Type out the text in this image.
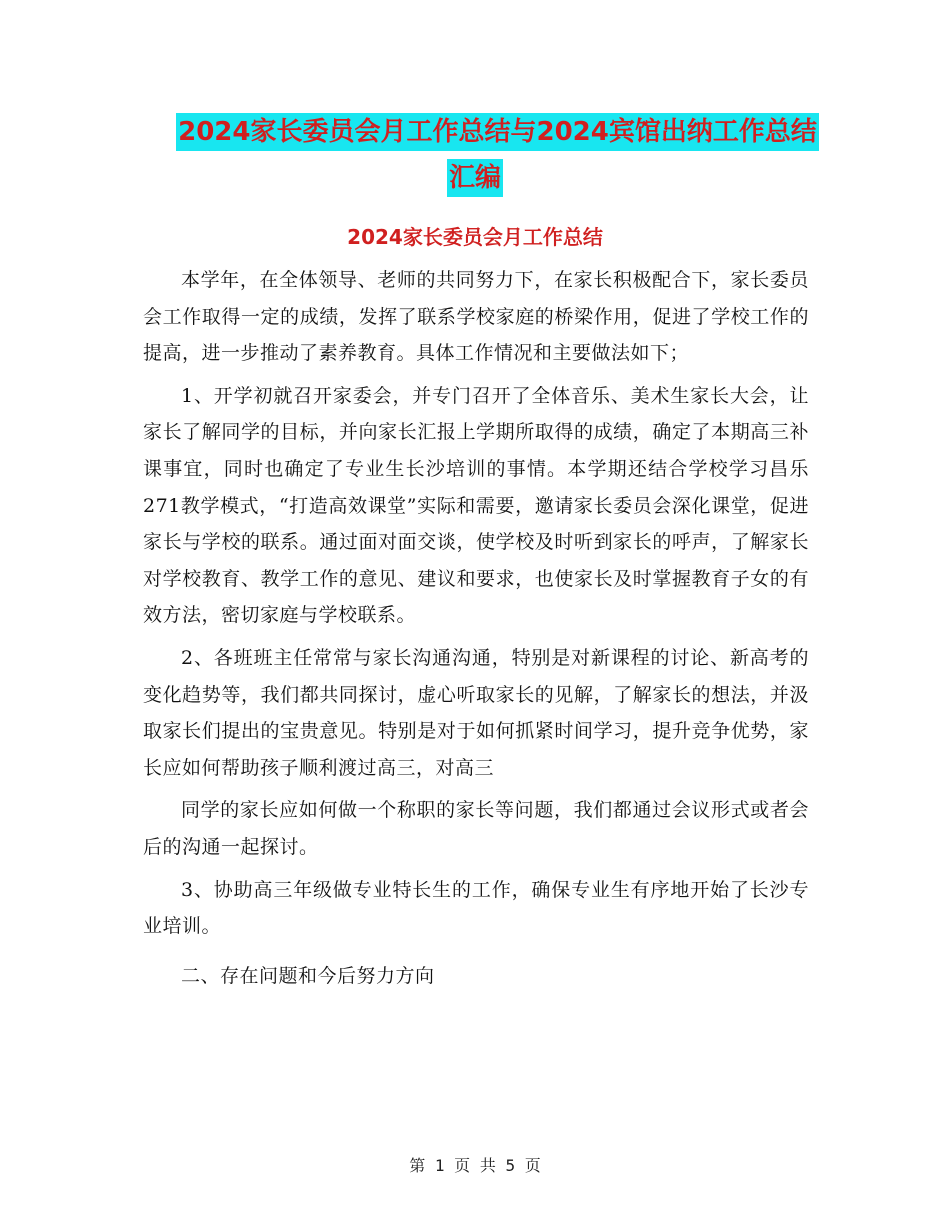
2024家长委员会月工作总结与2024宾馆出纳工作总结
汇编
2024家长委员会月工作总结

本学年，在全体领导、老师的共同努力下，在家长积极配合下，家长委员会工作取得一定的成绩，发挥了联系学校家庭的桥梁作用，促进了学校工作的提高，进一步推动了素养教育。具体工作情况和主要做法如下；

1、开学初就召开家委会，并专门召开了全体音乐、美术生家长大会，让家长了解同学的目标，并向家长汇报上学期所取得的成绩，确定了本期高三补课事宜，同时也确定了专业生长沙培训的事情。本学期还结合学校学习昌乐271教学模式，“打造高效课堂”实际和需要，邀请家长委员会深化课堂，促进家长与学校的联系。通过面对面交谈，使学校及时听到家长的呼声，了解家长对学校教育、教学工作的意见、建议和要求，也使家长及时掌握教育子女的有效方法，密切家庭与学校联系。

2、各班班主任常常与家长沟通沟通，特别是对新课程的讨论、新高考的变化趋势等，我们都共同探讨，虚心听取家长的见解，了解家长的想法，并汲取家长们提出的宝贵意见。特别是对于如何抓紧时间学习，提升竞争优势，家长应如何帮助孩子顺利渡过高三，对高三

同学的家长应如何做一个称职的家长等问题，我们都通过会议形式或者会后的沟通一起探讨。

3、协助高三年级做专业特长生的工作，确保专业生有序地开始了长沙专业培训。

二、存在问题和今后努力方向

第 1 页 共 5 页
